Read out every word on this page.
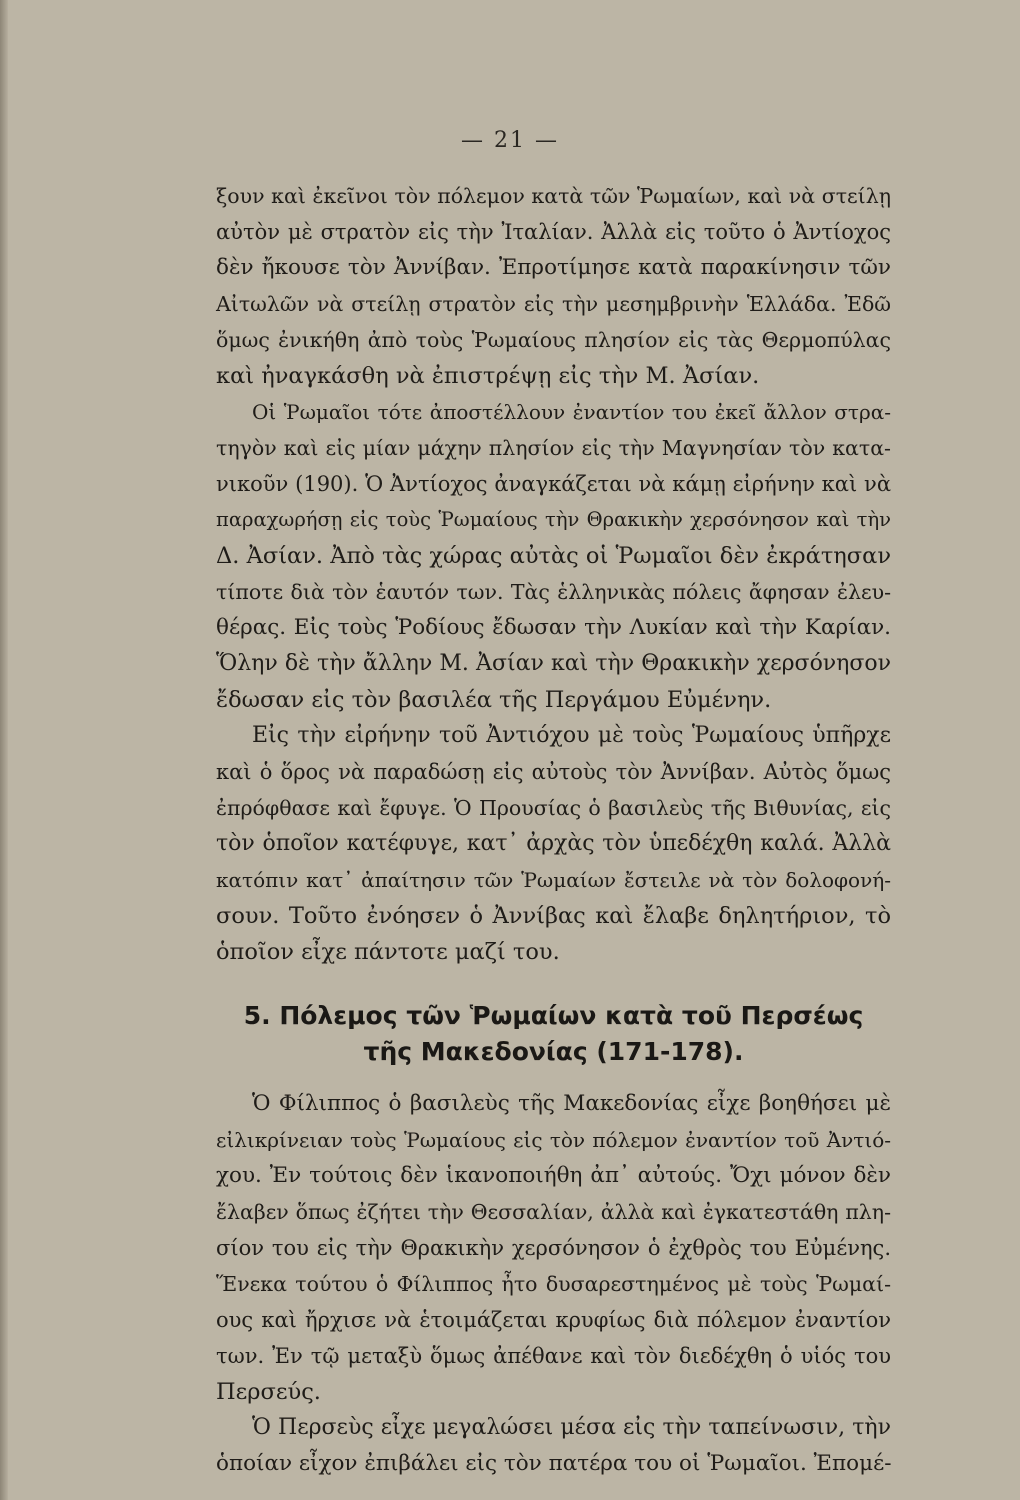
— 21 —
ξουν καὶ ἐκεῖνοι τὸν πόλεμον κατὰ τῶν Ῥωμαίων, καὶ νὰ στείλῃ
αὐτὸν μὲ στρατὸν εἰς τὴν Ἰταλίαν. Ἀλλὰ εἰς τοῦτο ὁ Ἀντίοχος
δὲν ἤκουσε τὸν Ἀννίβαν. Ἐπροτίμησε κατὰ παρακίνησιν τῶν
Αἰτωλῶν νὰ στείλῃ στρατὸν εἰς τὴν μεσημβρινὴν Ἑλλάδα. Ἐδῶ
ὅμως ἐνικήθη ἀπὸ τοὺς Ῥωμαίους πλησίον εἰς τὰς Θερμοπύλας
καὶ ἠναγκάσθη νὰ ἐπιστρέψῃ εἰς τὴν Μ. Ἀσίαν.
Οἱ Ῥωμαῖοι τότε ἀποστέλλουν ἐναντίον του ἐκεῖ ἄλλον στρα-
τηγὸν καὶ εἰς μίαν μάχην πλησίον εἰς τὴν Μαγνησίαν τὸν κατα-
νικοῦν (190). Ὁ Ἀντίοχος ἀναγκάζεται νὰ κάμῃ εἰρήνην καὶ νὰ
παραχωρήσῃ εἰς τοὺς Ῥωμαίους τὴν Θρακικὴν χερσόνησον καὶ τὴν
Δ. Ἀσίαν. Ἀπὸ τὰς χώρας αὐτὰς οἱ Ῥωμαῖοι δὲν ἐκράτησαν
τίποτε διὰ τὸν ἑαυτόν των. Τὰς ἑλληνικὰς πόλεις ἄφησαν ἐλευ-
θέρας. Εἰς τοὺς Ῥοδίους ἔδωσαν τὴν Λυκίαν καὶ τὴν Καρίαν.
Ὅλην δὲ τὴν ἄλλην Μ. Ἀσίαν καὶ τὴν Θρακικὴν χερσόνησον
ἔδωσαν εἰς τὸν βασιλέα τῆς Περγάμου Εὐμένην.
Εἰς τὴν εἰρήνην τοῦ Ἀντιόχου μὲ τοὺς Ῥωμαίους ὑπῆρχε
καὶ ὁ ὅρος νὰ παραδώσῃ εἰς αὐτοὺς τὸν Ἀννίβαν. Αὐτὸς ὅμως
ἐπρόφθασε καὶ ἔφυγε. Ὁ Προυσίας ὁ βασιλεὺς τῆς Βιθυνίας, εἰς
τὸν ὁποῖον κατέφυγε, κατ᾽ ἀρχὰς τὸν ὑπεδέχθη καλά. Ἀλλὰ
κατόπιν κατ᾽ ἀπαίτησιν τῶν Ῥωμαίων ἔστειλε νὰ τὸν δολοφονή-
σουν. Τοῦτο ἐνόησεν ὁ Ἀννίβας καὶ ἔλαβε δηλητήριον, τὸ
ὁποῖον εἶχε πάντοτε μαζί του.
5. Πόλεμος τῶν Ῥωμαίων κατὰ τοῦ Περσέως
τῆς Μακεδονίας (171-178).
Ὁ Φίλιππος ὁ βασιλεὺς τῆς Μακεδονίας εἶχε βοηθήσει μὲ
εἰλικρίνειαν τοὺς Ῥωμαίους εἰς τὸν πόλεμον ἐναντίον τοῦ Ἀντιό-
χου. Ἐν τούτοις δὲν ἱκανοποιήθη ἀπ᾽ αὐτούς. Ὄχι μόνον δὲν
ἔλαβεν ὅπως ἐζήτει τὴν Θεσσαλίαν, ἀλλὰ καὶ ἐγκατεστάθη πλη-
σίον του εἰς τὴν Θρακικὴν χερσόνησον ὁ ἐχθρὸς του Εὐμένης.
Ἕνεκα τούτου ὁ Φίλιππος ἦτο δυσαρεστημένος μὲ τοὺς Ῥωμαί-
ους καὶ ἤρχισε νὰ ἑτοιμάζεται κρυφίως διὰ πόλεμον ἐναντίον
των. Ἐν τῷ μεταξὺ ὅμως ἀπέθανε καὶ τὸν διεδέχθη ὁ υἱός του
Περσεύς.
Ὁ Περσεὺς εἶχε μεγαλώσει μέσα εἰς τὴν ταπείνωσιν, τὴν
ὁποίαν εἶχον ἐπιβάλει εἰς τὸν πατέρα του οἱ Ῥωμαῖοι. Ἐπομέ-
